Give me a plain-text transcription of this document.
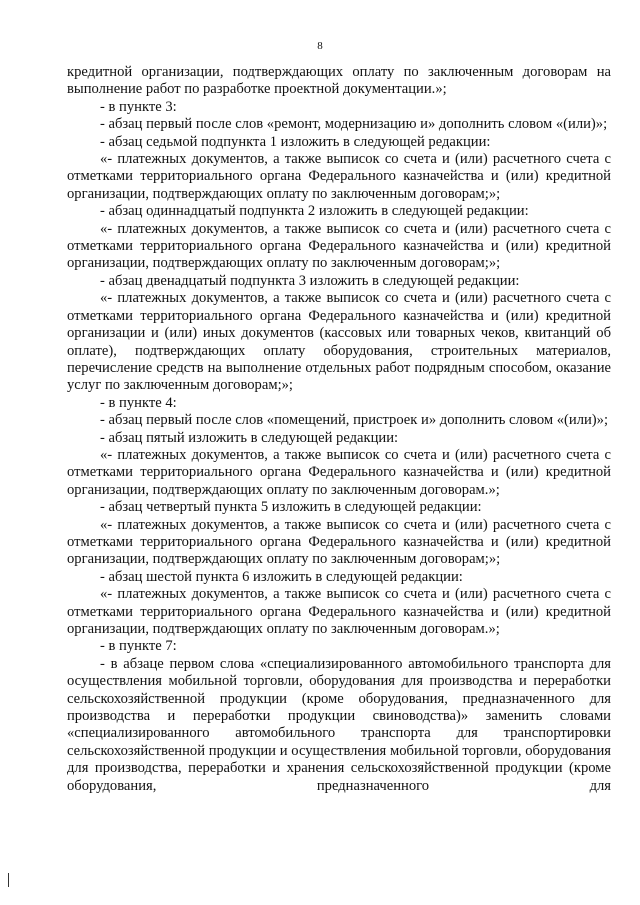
8

кредитной организации, подтверждающих оплату по заключенным договорам на выполнение работ по разработке проектной документации.»;

- в пункте 3:

- абзац первый после слов «ремонт, модернизацию и» дополнить словом «(или)»;

- абзац седьмой подпункта 1 изложить в следующей редакции:

«- платежных документов, а также выписок со счета и (или) расчетного счета с отметками территориального органа Федерального казначейства и (или) кредитной организации, подтверждающих оплату по заключенным договорам;»;

- абзац одиннадцатый подпункта 2 изложить в следующей редакции:

«- платежных документов, а также выписок со счета и (или) расчетного счета с отметками территориального органа Федерального казначейства и (или) кредитной организации, подтверждающих оплату по заключенным договорам;»;

- абзац двенадцатый подпункта 3 изложить в следующей редакции:

«- платежных документов, а также выписок со счета и (или) расчетного счета с отметками территориального органа Федерального казначейства и (или) кредитной организации и (или) иных документов (кассовых или товарных чеков, квитанций об оплате), подтверждающих оплату оборудования, строительных материалов, перечисление средств на выполнение отдельных работ подрядным способом, оказание услуг по заключенным договорам;»;

- в пункте 4:

- абзац первый после слов «помещений, пристроек и» дополнить словом «(или)»;

- абзац пятый изложить в следующей редакции:

«- платежных документов, а также выписок со счета и (или) расчетного счета с отметками территориального органа Федерального казначейства и (или) кредитной организации, подтверждающих оплату по заключенным договорам.»;

- абзац четвертый пункта 5 изложить в следующей редакции:

«- платежных документов, а также выписок со счета и (или) расчетного счета с отметками территориального органа Федерального казначейства и (или) кредитной организации, подтверждающих оплату по заключенным договорам;»;

- абзац шестой пункта 6 изложить в следующей редакции:

«- платежных документов, а также выписок со счета и (или) расчетного счета с отметками территориального органа Федерального казначейства и (или) кредитной организации, подтверждающих оплату по заключенным договорам.»;

- в пункте 7:

- в абзаце первом слова «специализированного автомобильного транспорта для осуществления мобильной торговли, оборудования для производства и переработки сельскохозяйственной продукции (кроме оборудования, предназначенного для производства и переработки продукции свиноводства)» заменить словами «специализированного автомобильного транспорта для транспортировки сельскохозяйственной продукции и осуществления мобильной торговли, оборудования для производства, переработки и хранения сельскохозяйственной продукции (кроме оборудования, предназначенного для
